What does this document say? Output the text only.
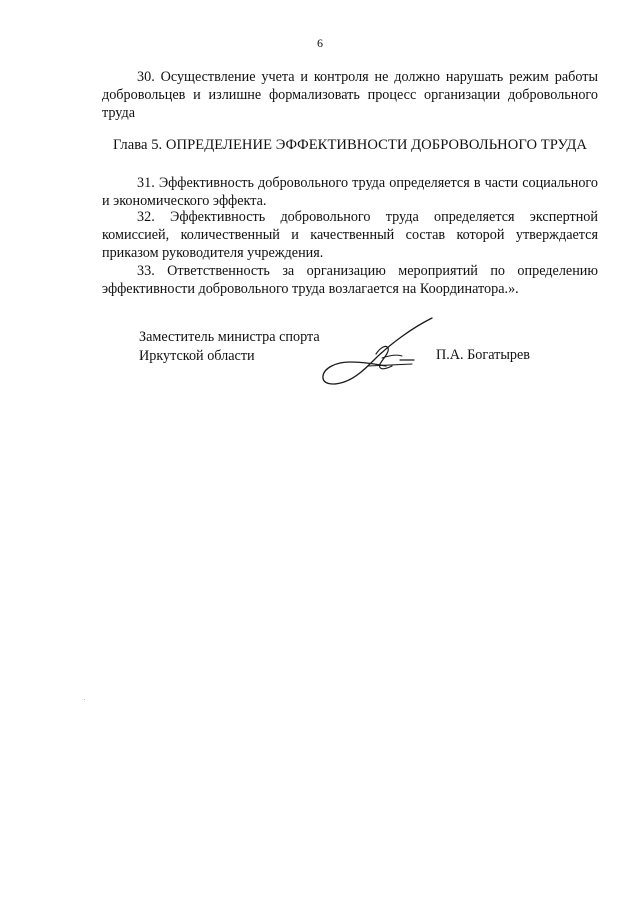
6

30. Осуществление учета и контроля не должно нарушать режим работы добровольцев и излишне формализовать процесс организации добровольного труда

Глава 5. ОПРЕДЕЛЕНИЕ ЭФФЕКТИВНОСТИ ДОБРОВОЛЬНОГО ТРУДА

31. Эффективность добровольного труда определяется в части социального и экономического эффекта.

32. Эффективность добровольного труда определяется экспертной комиссией, количественный и качественный состав которой утверждается приказом руководителя учреждения.

33. Ответственность за организацию мероприятий по определению эффективности добровольного труда возлагается на Координатора.».

Заместитель министра спорта
Иркутской области	П.А. Богатырев
